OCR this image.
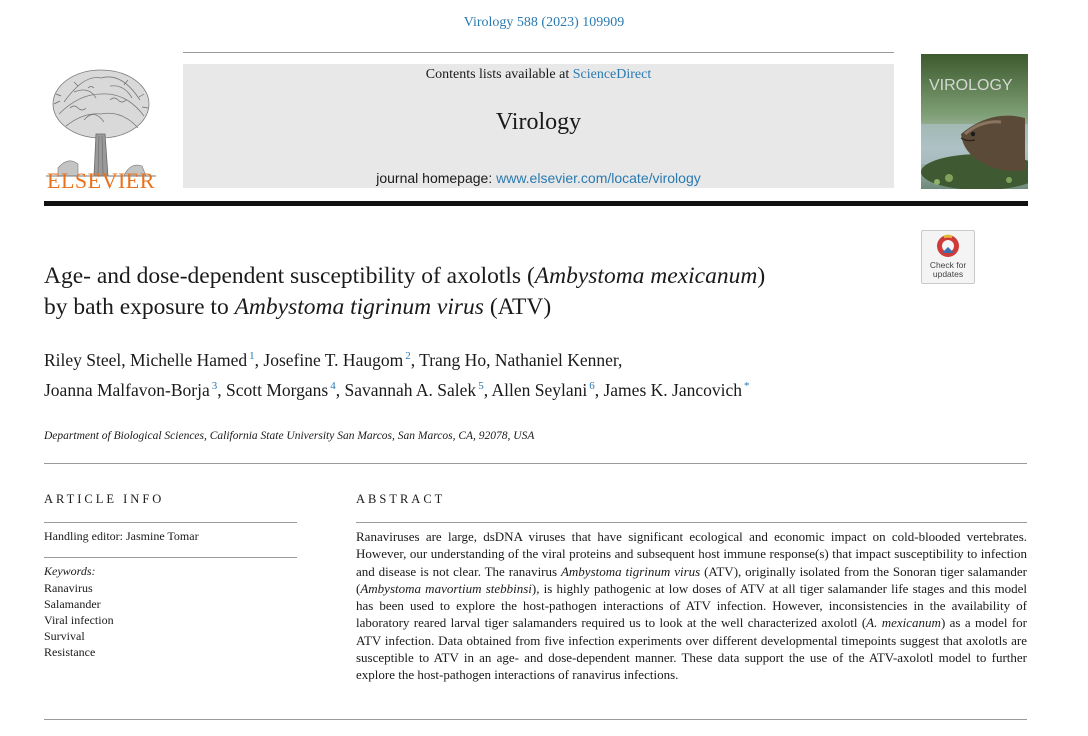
Virology 588 (2023) 109909
ELSEVIER
Contents lists available at ScienceDirect
Virology
journal homepage: www.elsevier.com/locate/virology
VIROLOGY
Check for
updates
Age- and dose-dependent susceptibility of axolotls (Ambystoma mexicanum)
by bath exposure to Ambystoma tigrinum virus (ATV)
Riley Steel, Michelle Hamed $^1$, Josefine T. Haugom $^2$, Trang Ho, Nathaniel Kenner,
Joanna Malfavon-Borja $^3$, Scott Morgans $^4$, Savannah A. Salek $^5$, Allen Seylani $^6$, James K. Jancovich *
Department of Biological Sciences, California State University San Marcos, San Marcos, CA, 92078, USA
ARTICLE INFO
Handling editor: Jasmine Tomar
Keywords:
Ranavirus
Salamander
Viral infection
Survival
Resistance
ABSTRACT
Ranaviruses are large, dsDNA viruses that have significant ecological and economic impact on cold-blooded vertebrates. However, our understanding of the viral proteins and subsequent host immune response(s) that impact susceptibility to infection and disease is not clear. The ranavirus Ambystoma tigrinum virus (ATV), originally isolated from the Sonoran tiger salamander (Ambystoma mavortium stebbinsi), is highly pathogenic at low doses of ATV at all tiger salamander life stages and this model has been used to explore the host-pathogen interactions of ATV infection. However, inconsistencies in the availability of laboratory reared larval tiger salamanders required us to look at the well characterized axolotl (A. mexicanum) as a model for ATV infection. Data obtained from five infection experiments over different developmental timepoints suggest that axolotls are susceptible to ATV in an age- and dose-dependent manner. These data support the use of the ATV-axolotl model to further explore the host-pathogen interactions of ranavirus infections.
